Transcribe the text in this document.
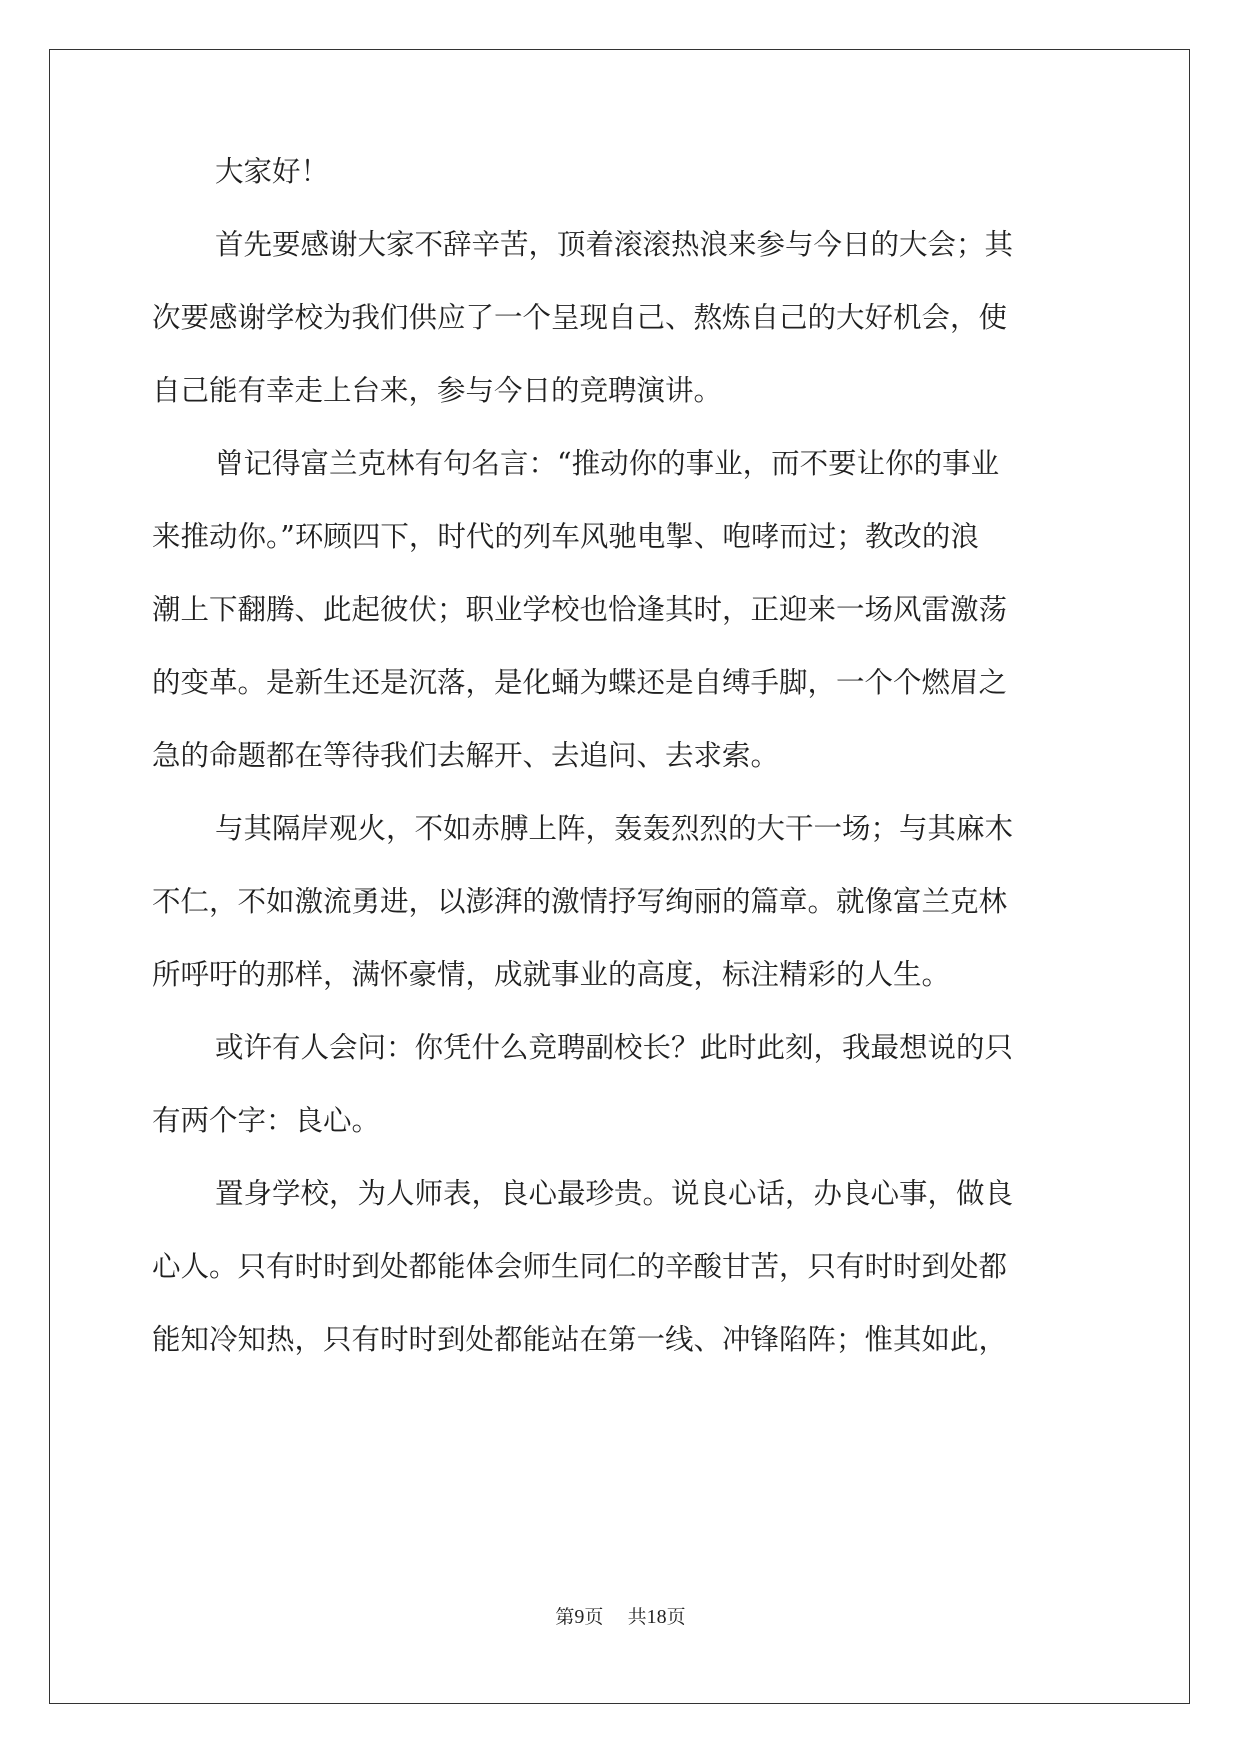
大家好！
首先要感谢大家不辞辛苦，顶着滚滚热浪来参与今日的大会；其
次要感谢学校为我们供应了一个呈现自己、熬炼自己的大好机会，使
自己能有幸走上台来，参与今日的竞聘演讲。
曾记得富兰克林有句名言：“推动你的事业，而不要让你的事业
来推动你。”环顾四下，时代的列车风驰电掣、咆哮而过；教改的浪
潮上下翻腾、此起彼伏；职业学校也恰逢其时，正迎来一场风雷激荡
的变革。是新生还是沉落，是化蛹为蝶还是自缚手脚，一个个燃眉之
急的命题都在等待我们去解开、去追问、去求索。
与其隔岸观火，不如赤膊上阵，轰轰烈烈的大干一场；与其麻木
不仁，不如激流勇进，以澎湃的激情抒写绚丽的篇章。就像富兰克林
所呼吁的那样，满怀豪情，成就事业的高度，标注精彩的人生。
或许有人会问：你凭什么竞聘副校长？此时此刻，我最想说的只
有两个字：良心。
置身学校，为人师表，良心最珍贵。说良心话，办良心事，做良
心人。只有时时到处都能体会师生同仁的辛酸甘苦，只有时时到处都
能知冷知热，只有时时到处都能站在第一线、冲锋陷阵；惟其如此，
第9页 共18页
